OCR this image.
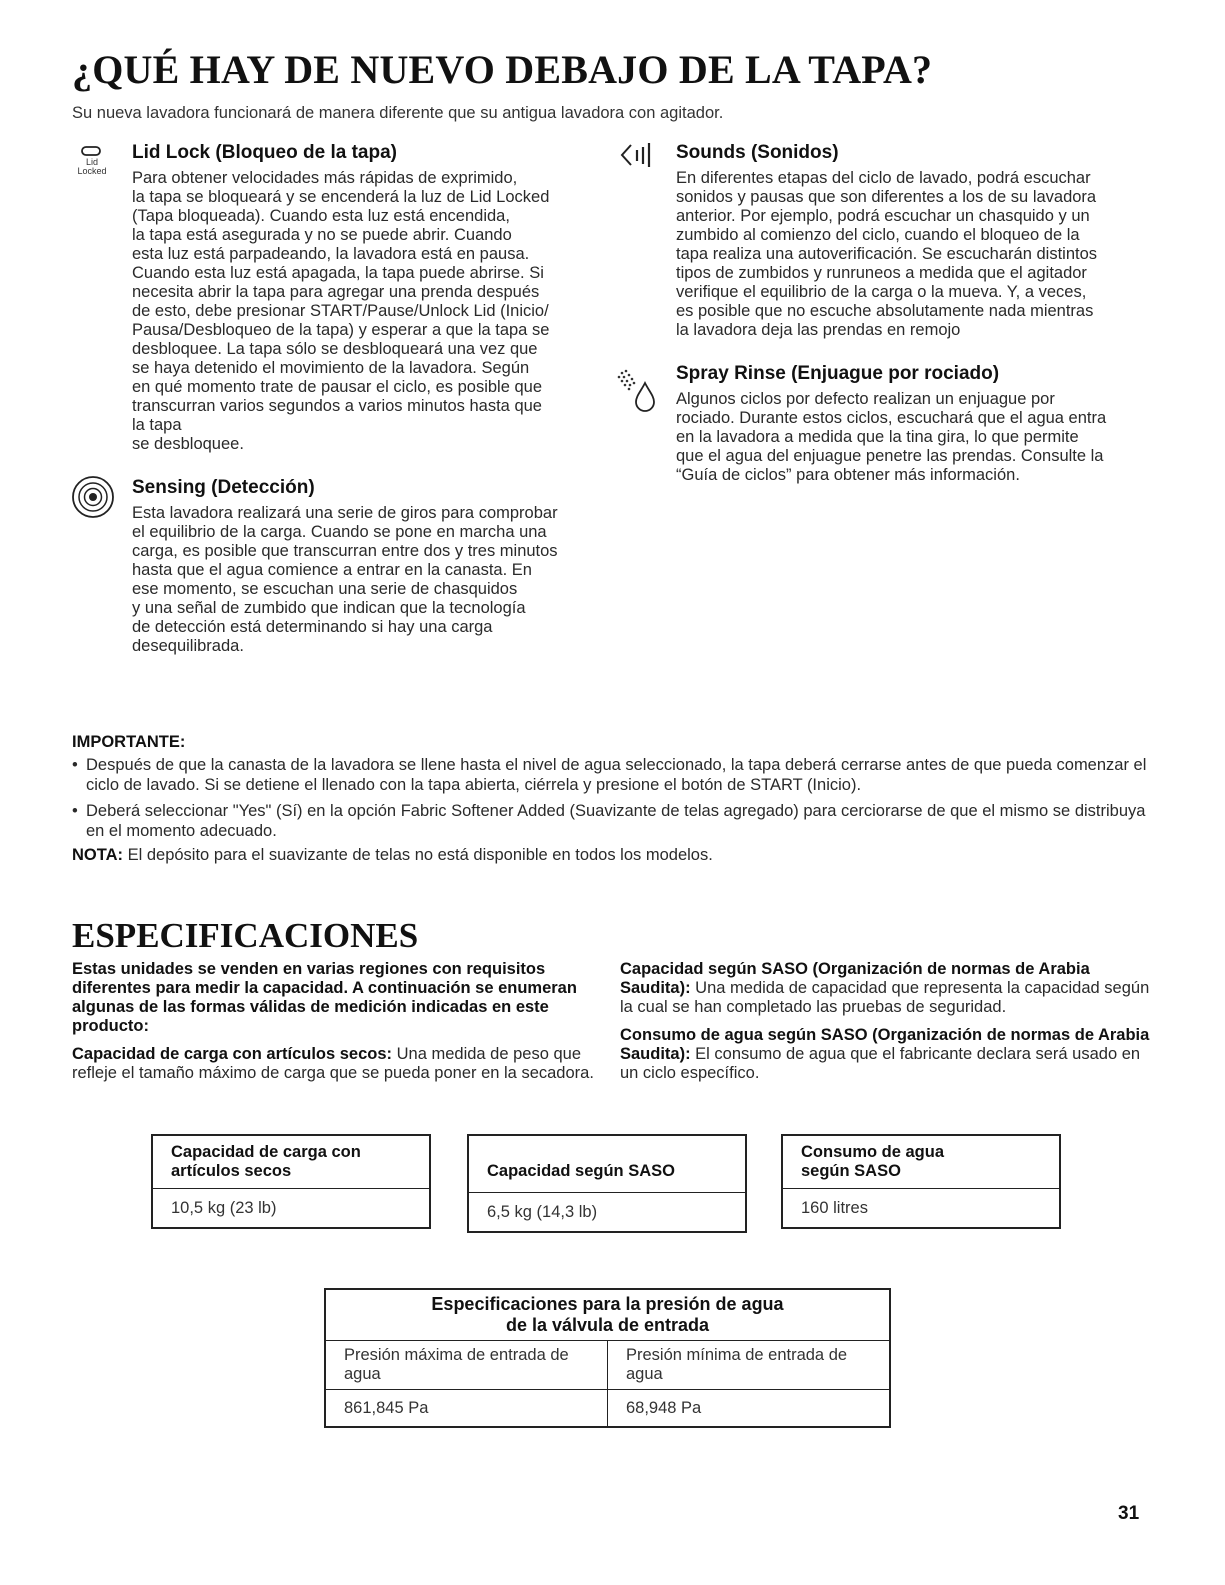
¿QUÉ HAY DE NUEVO DEBAJO DE LA TAPA?
Su nueva lavadora funcionará de manera diferente que su antigua lavadora con agitador.
Lid Locked
Lid Lock (Bloqueo de la tapa)

Para obtener velocidades más rápidas de exprimido,
la tapa se bloqueará y se encenderá la luz de Lid Locked
(Tapa bloqueada). Cuando esta luz está encendida,
la tapa está asegurada y no se puede abrir. Cuando
esta luz está parpadeando, la lavadora está en pausa.
Cuando esta luz está apagada, la tapa puede abrirse. Si
necesita abrir la tapa para agregar una prenda después
de esto, debe presionar START/Pause/Unlock Lid (Inicio/
Pausa/Desbloqueo de la tapa) y esperar a que la tapa se
desbloquee. La tapa sólo se desbloqueará una vez que
se haya detenido el movimiento de la lavadora. Según
en qué momento trate de pausar el ciclo, es posible que
transcurran varios segundos a varios minutos hasta que
la tapa
se desbloquee.

Sensing (Detección)

Esta lavadora realizará una serie de giros para comprobar
el equilibrio de la carga. Cuando se pone en marcha una
carga, es posible que transcurran entre dos y tres minutos
hasta que el agua comience a entrar en la canasta. En
ese momento, se escuchan una serie de chasquidos
y una señal de zumbido que indican que la tecnología
de detección está determinando si hay una carga
desequilibrada.

Sounds (Sonidos)

En diferentes etapas del ciclo de lavado, podrá escuchar
sonidos y pausas que son diferentes a los de su lavadora
anterior. Por ejemplo, podrá escuchar un chasquido y un
zumbido al comienzo del ciclo, cuando el bloqueo de la
tapa realiza una autoverificación. Se escucharán distintos
tipos de zumbidos y runruneos a medida que el agitador
verifique el equilibrio de la carga o la mueva. Y, a veces,
es posible que no escuche absolutamente nada mientras
la lavadora deja las prendas en remojo

Spray Rinse (Enjuague por rociado)

Algunos ciclos por defecto realizan un enjuague por
rociado. Durante estos ciclos, escuchará que el agua entra
en la lavadora a medida que la tina gira, lo que permite
que el agua del enjuague penetre las prendas. Consulte la
“Guía de ciclos” para obtener más información.

IMPORTANTE:
• Después de que la canasta de la lavadora se llene hasta el nivel de agua seleccionado, la tapa deberá cerrarse antes de que pueda comenzar el ciclo de lavado. Si se detiene el llenado con la tapa abierta, ciérrela y presione el botón de START (Inicio).
• Deberá seleccionar "Yes" (Sí) en la opción Fabric Softener Added (Suavizante de telas agregado) para cerciorarse de que el mismo se distribuya en el momento adecuado.
NOTA: El depósito para el suavizante de telas no está disponible en todos los modelos.
ESPECIFICACIONES

Estas unidades se venden en varias regiones con requisitos diferentes para medir la capacidad. A continuación se enumeran algunas de las formas válidas de medición indicadas en este producto:

Capacidad de carga con artículos secos: Una medida de peso que refleje el tamaño máximo de carga que se pueda poner en la secadora.

Capacidad según SASO (Organización de normas de Arabia Saudita): Una medida de capacidad que representa la capacidad según la cual se han completado las pruebas de seguridad.

Consumo de agua según SASO (Organización de normas de Arabia Saudita): El consumo de agua que el fabricante declara será usado en un ciclo específico.

Capacidad de carga con artículos secos
10,5 kg (23 lb)
Capacidad según SASO
6,5 kg (14,3 lb)
Consumo de agua según SASO
160 litres
Especificaciones para la presión de agua
de la válvula de entrada	

Presión máxima de entrada de agua	Presión mínima de entrada de agua
861,845 Pa	68,948 Pa
31
